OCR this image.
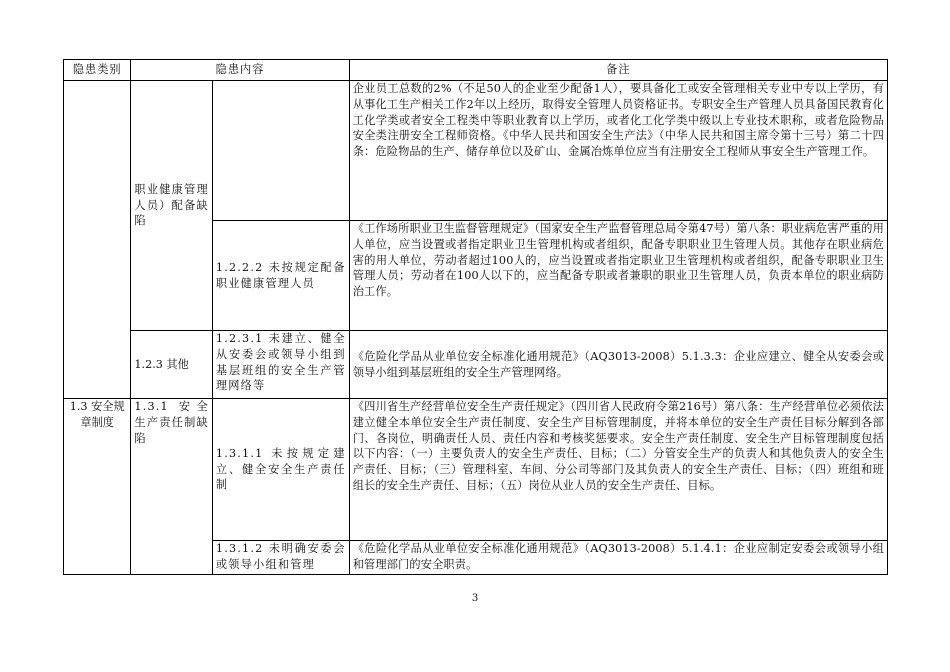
隐患类别	隐患内容		备注
	职业健康管理人员）配备缺陷		企业员工总数的2%（不足50人的企业至少配备1人），要具备化工或安全管理相关专业中专以上学历，有从事化工生产相关工作2年以上经历，取得安全管理人员资格证书。专职安全生产管理人员具备国民教育化工化学类或者安全工程类中等职业教育以上学历，或者化工化学类中级以上专业技术职称，或者危险物品安全类注册安全工程师资格。《中华人民共和国安全生产法》（中华人民共和国主席令第十三号）第二十四条：危险物品的生产、储存单位以及矿山、金属冶炼单位应当有注册安全工程师从事安全生产管理工作。
		1.2.2.2 未按规定配备职业健康管理人员	《工作场所职业卫生监督管理规定》（国家安全生产监督管理总局令第47号）第八条：职业病危害严重的用人单位，应当设置或者指定职业卫生管理机构或者组织，配备专职职业卫生管理人员。其他存在职业病危害的用人单位，劳动者超过100人的，应当设置或者指定职业卫生管理机构或者组织，配备专职职业卫生管理人员；劳动者在100人以下的，应当配备专职或者兼职的职业卫生管理人员，负责本单位的职业病防治工作。
	1.2.3 其他	1.2.3.1 未建立、健全从安委会或领导小组到基层班组的安全生产管理网络等	《危险化学品从业单位安全标准化通用规范》（AQ3013-2008）5.1.3.3：企业应建立、健全从安委会或领导小组到基层班组的安全生产管理网络。
1.3 安全规章制度	1.3.1 安全生产责任制缺陷	1.3.1.1 未按规定建立、健全安全生产责任制	《四川省生产经营单位安全生产责任规定》（四川省人民政府令第216号）第八条：生产经营单位必须依法建立健全本单位安全生产责任制度、安全生产目标管理制度，并将本单位的安全生产责任目标分解到各部门、各岗位，明确责任人员、责任内容和考核奖惩要求。安全生产责任制度、安全生产目标管理制度包括以下内容：（一）主要负责人的安全生产责任、目标；（二）分管安全生产的负责人和其他负责人的安全生产责任、目标；（三）管理科室、车间、分公司等部门及其负责人的安全生产责任、目标；（四）班组和班组长的安全生产责任、目标；（五）岗位从业人员的安全生产责任、目标。
		1.3.1.2 未明确安委会或领导小组和管理	《危险化学品从业单位安全标准化通用规范》（AQ3013-2008）5.1.4.1：企业应制定安委会或领导小组和管理部门的安全职责。
3
